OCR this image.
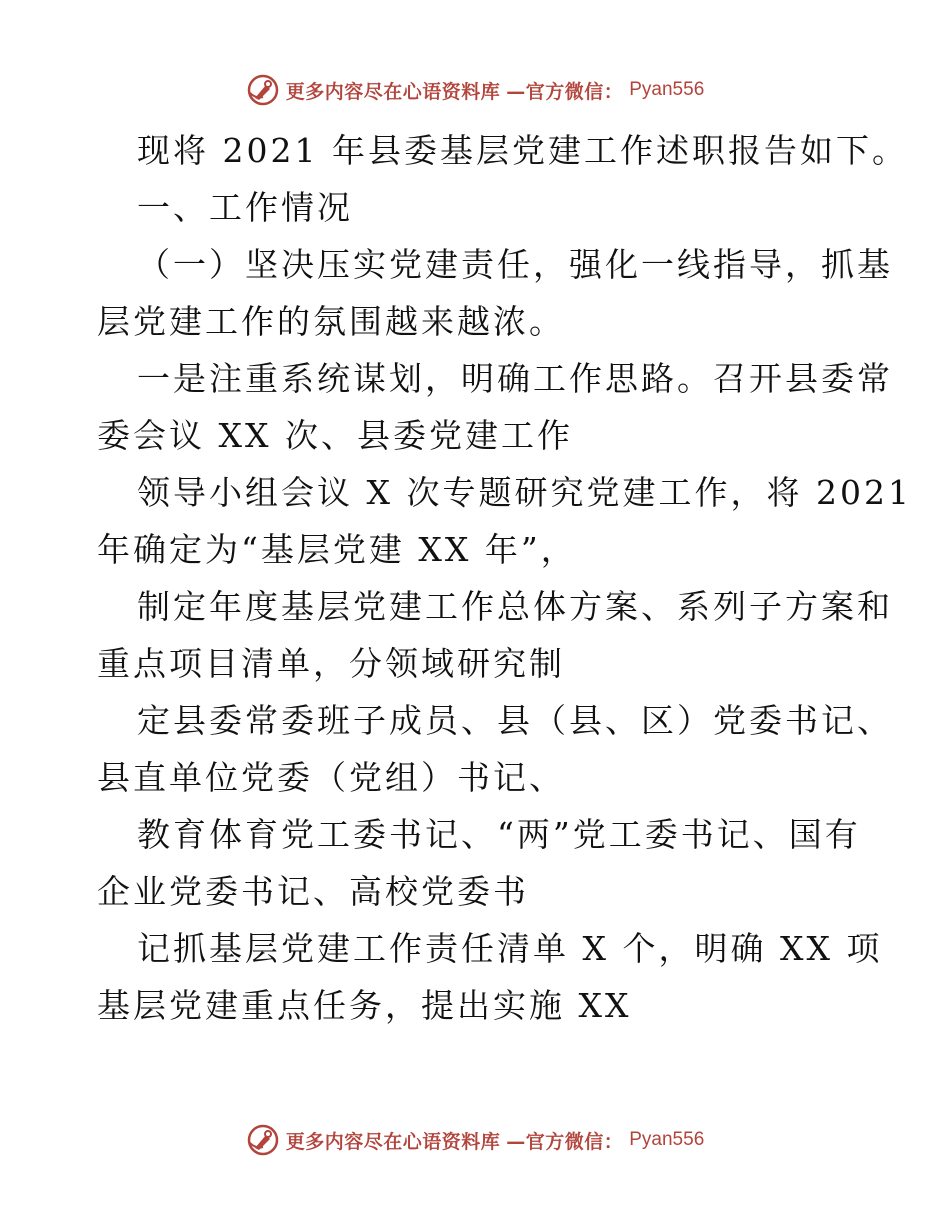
更多内容尽在心语资料库 —官方微信： Pyan556
现将 2021 年县委基层党建工作述职报告如下。
一、工作情况
（一）坚决压实党建责任，强化一线指导，抓基
层党建工作的氛围越来越浓。
一是注重系统谋划，明确工作思路。召开县委常
委会议 XX 次、县委党建工作
领导小组会议 X 次专题研究党建工作，将 2021
年确定为“基层党建 XX 年”，
制定年度基层党建工作总体方案、系列子方案和
重点项目清单，分领域研究制
定县委常委班子成员、县（县、区）党委书记、
县直单位党委（党组）书记、
教育体育党工委书记、“两”党工委书记、国有
企业党委书记、高校党委书
记抓基层党建工作责任清单 X 个，明确 XX 项
基层党建重点任务，提出实施 XX
更多内容尽在心语资料库 —官方微信： Pyan556
